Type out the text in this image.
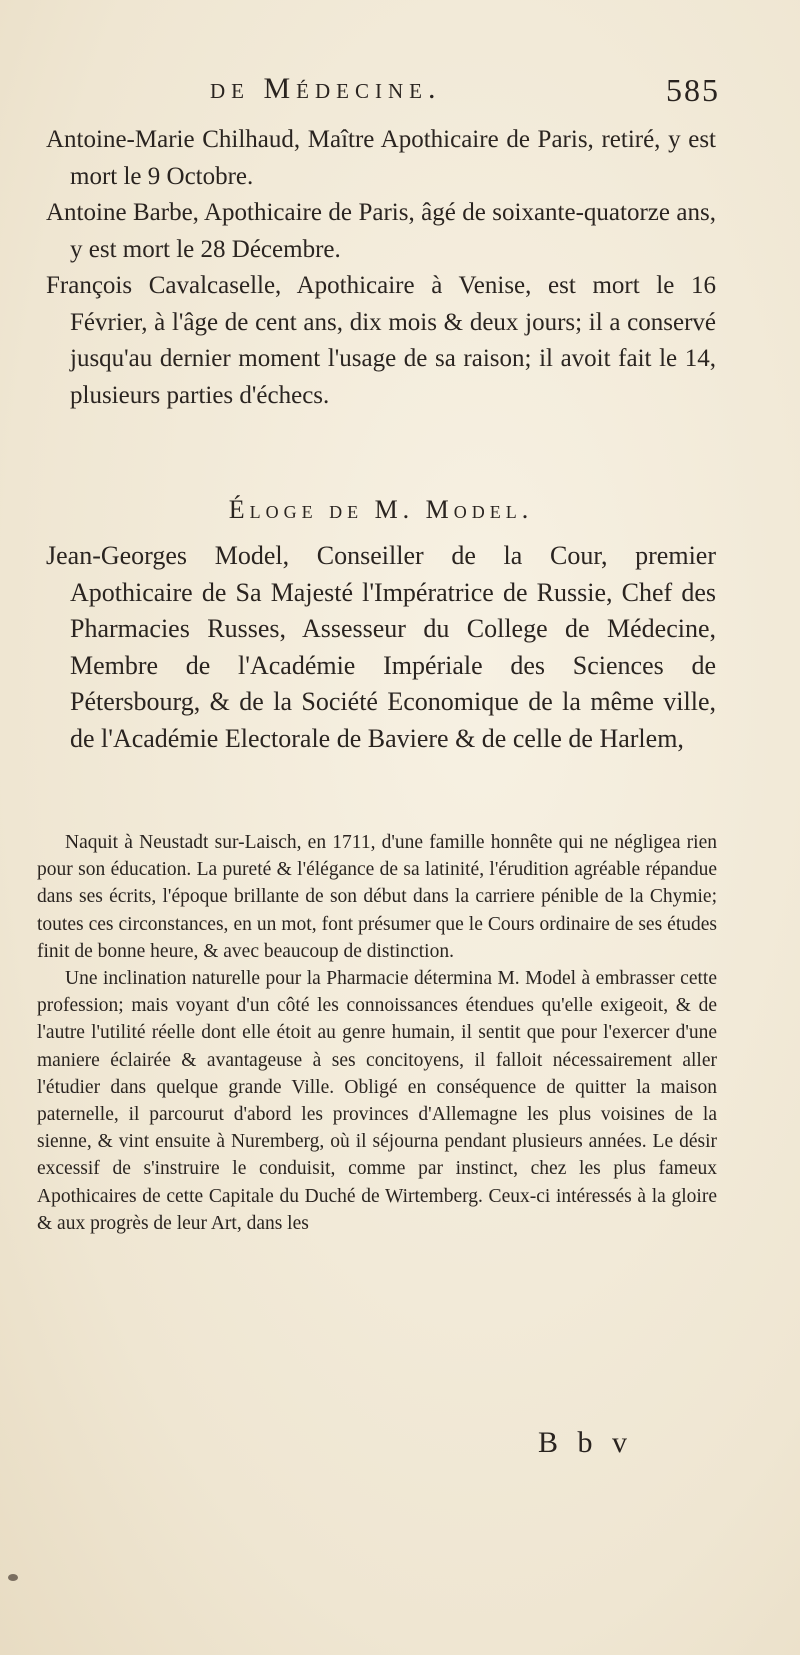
de Médecine.	585

Antoine-Marie Chilhaud, Maître Apothicaire de Paris, retiré, y est mort le 9 Octobre.

Antoine Barbe, Apothicaire de Paris, âgé de soixante-quatorze ans, y est mort le 28 Décembre.

François Cavalcaselle, Apothicaire à Venise, est mort le 16 Février, à l'âge de cent ans, dix mois & deux jours; il a conservé jusqu'au dernier moment l'usage de sa raison; il avoit fait le 14, plusieurs parties d'échecs.

Éloge de M. Model.

Jean-Georges Model, Conseiller de la Cour, premier Apothicaire de Sa Majesté l'Impératrice de Russie, Chef des Pharmacies Russes, Assesseur du College de Médecine, Membre de l'Académie Impériale des Sciences de Pétersbourg, & de la Société Economique de la même ville, de l'Académie Electorale de Baviere & de celle de Harlem,

Naquit à Neustadt sur-Laisch, en 1711, d'une famille honnête qui ne négligea rien pour son éducation. La pureté & l'élégance de sa latinité, l'érudition agréable répandue dans ses écrits, l'époque brillante de son début dans la carriere pénible de la Chymie; toutes ces circonstances, en un mot, font présumer que le Cours ordinaire de ses études finit de bonne heure, & avec beaucoup de distinction.

Une inclination naturelle pour la Pharmacie détermina M. Model à embrasser cette profession; mais voyant d'un côté les connoissances étendues qu'elle exigeoit, & de l'autre l'utilité réelle dont elle étoit au genre humain, il sentit que pour l'exercer d'une maniere éclairée & avantageuse à ses concitoyens, il falloit nécessairement aller l'étudier dans quelque grande Ville. Obligé en conséquence de quitter la maison paternelle, il parcourut d'abord les provinces d'Allemagne les plus voisines de la sienne, & vint ensuite à Nuremberg, où il séjourna pendant plusieurs années. Le désir excessif de s'instruire le conduisit, comme par instinct, chez les plus fameux Apothicaires de cette Capitale du Duché de Wirtemberg. Ceux-ci intéressés à la gloire & aux progrès de leur Art, dans les

B b v
